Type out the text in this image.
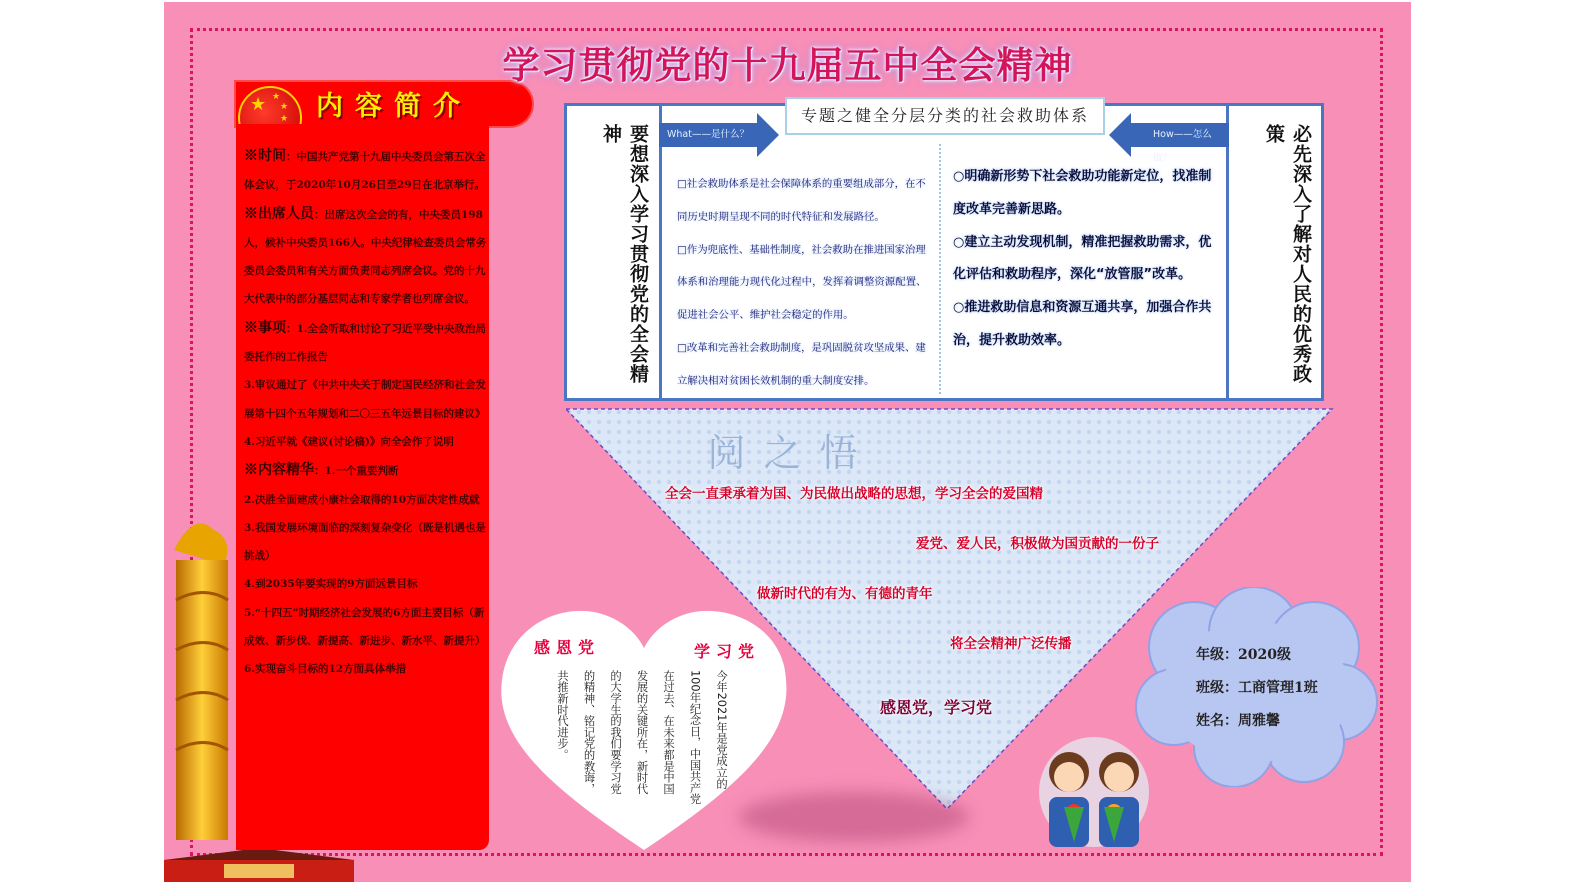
内容简介
★ ★
★
★
※时间：中国共产党第十九届中央委员会第五次全体会议，于2020年10月26日至29日在北京举行。
※出席人员：出席这次全会的有，中央委员198人，候补中央委员166人。中央纪律检查委员会常务委员会委员和有关方面负责同志列席会议。党的十九大代表中的部分基层同志和专家学者也列席会议。
※事项：1.全会听取和讨论了习近平受中央政治局委托作的工作报告
3.审议通过了《中共中央关于制定国民经济和社会发展第十四个五年规划和二〇三五年远景目标的建议》
4.习近平就《建议(讨论稿)》向全会作了说明
※内容精华：1.一个重要判断
2.决胜全面建成小康社会取得的10方面决定性成就
3.我国发展环境面临的深刻复杂变化（既是机遇也是挑战）
4.到2035年要实现的9方面远景目标
5.“十四五”时期经济社会发展的6方面主要目标（新成效、新步伐、新提高、新进步、新水平、新提升）
6.实现奋斗目标的12方面具体举措
学习贯彻党的十九届五中全会精神
要想深入学习贯彻党的全会精神	必先深入了解对人民的优秀政策
What——是什么？	How——怎么做？
专题之健全分层分类的社会救助体系
□社会救助体系是社会保障体系的重要组成部分，在不同历史时期呈现不同的时代特征和发展路径。
□作为兜底性、基础性制度，社会救助在推进国家治理体系和治理能力现代化过程中，发挥着调整资源配置、促进社会公平、维护社会稳定的作用。
□改革和完善社会救助制度，是巩固脱贫攻坚成果、建立解决相对贫困长效机制的重大制度安排。
○明确新形势下社会救助功能新定位，找准制度改革完善新思路。
○建立主动发现机制，精准把握救助需求，优化评估和救助程序，深化“放管服”改革。
○推进救助信息和资源互通共享，加强合作共治，提升救助效率。
阅之悟
全会一直秉承着为国、为民做出战略的思想，学习全会的爱国精
爱党、爱人民，积极做为国贡献的一份子
做新时代的有为、有德的青年
将全会精神广泛传播
感恩党，学习党
感恩党	学习党
今年2021年是党成立的100年纪念日，中国共产党在过去、在未来都是中国发展的关键所在，新时代的大学生的我们要学习党的精神、铭记党的教诲，共推新时代进步。
年级：2020级
班级：工商管理1班
姓名：周雅馨
